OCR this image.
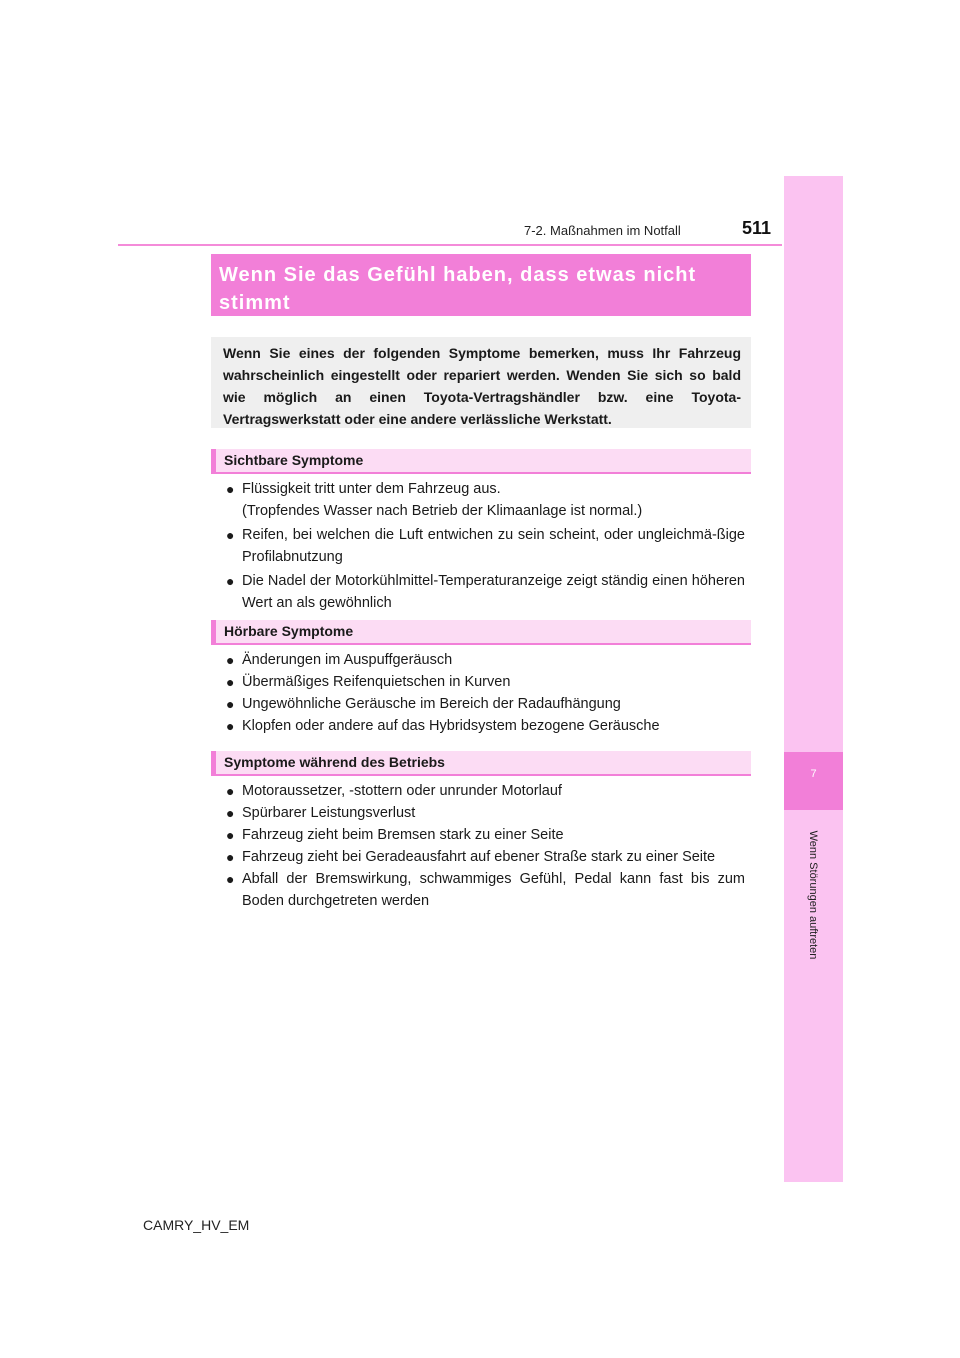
7-2. Maßnahmen im Notfall	511
7
Wenn Störungen auftreten
Wenn Sie das Gefühl haben, dass etwas nicht stimmt
Wenn Sie eines der folgenden Symptome bemerken, muss Ihr Fahrzeug wahrscheinlich eingestellt oder repariert werden. Wenden Sie sich so bald wie möglich an einen Toyota-Vertragshändler bzw. eine Toyota-Vertragswerkstatt oder eine andere verlässliche Werkstatt.
Sichtbare Symptome
● Flüssigkeit tritt unter dem Fahrzeug aus.
(Tropfendes Wasser nach Betrieb der Klimaanlage ist normal.)
● Reifen, bei welchen die Luft entwichen zu sein scheint, oder ungleichmä-ßige Profilabnutzung
● Die Nadel der Motorkühlmittel-Temperaturanzeige zeigt ständig einen höheren Wert an als gewöhnlich
Hörbare Symptome
● Änderungen im Auspuffgeräusch
● Übermäßiges Reifenquietschen in Kurven
● Ungewöhnliche Geräusche im Bereich der Radaufhängung
● Klopfen oder andere auf das Hybridsystem bezogene Geräusche
Symptome während des Betriebs
● Motoraussetzer, -stottern oder unrunder Motorlauf
● Spürbarer Leistungsverlust
● Fahrzeug zieht beim Bremsen stark zu einer Seite
● Fahrzeug zieht bei Geradeausfahrt auf ebener Straße stark zu einer Seite
● Abfall der Bremswirkung, schwammiges Gefühl, Pedal kann fast bis zum Boden durchgetreten werden
CAMRY_HV_EM
